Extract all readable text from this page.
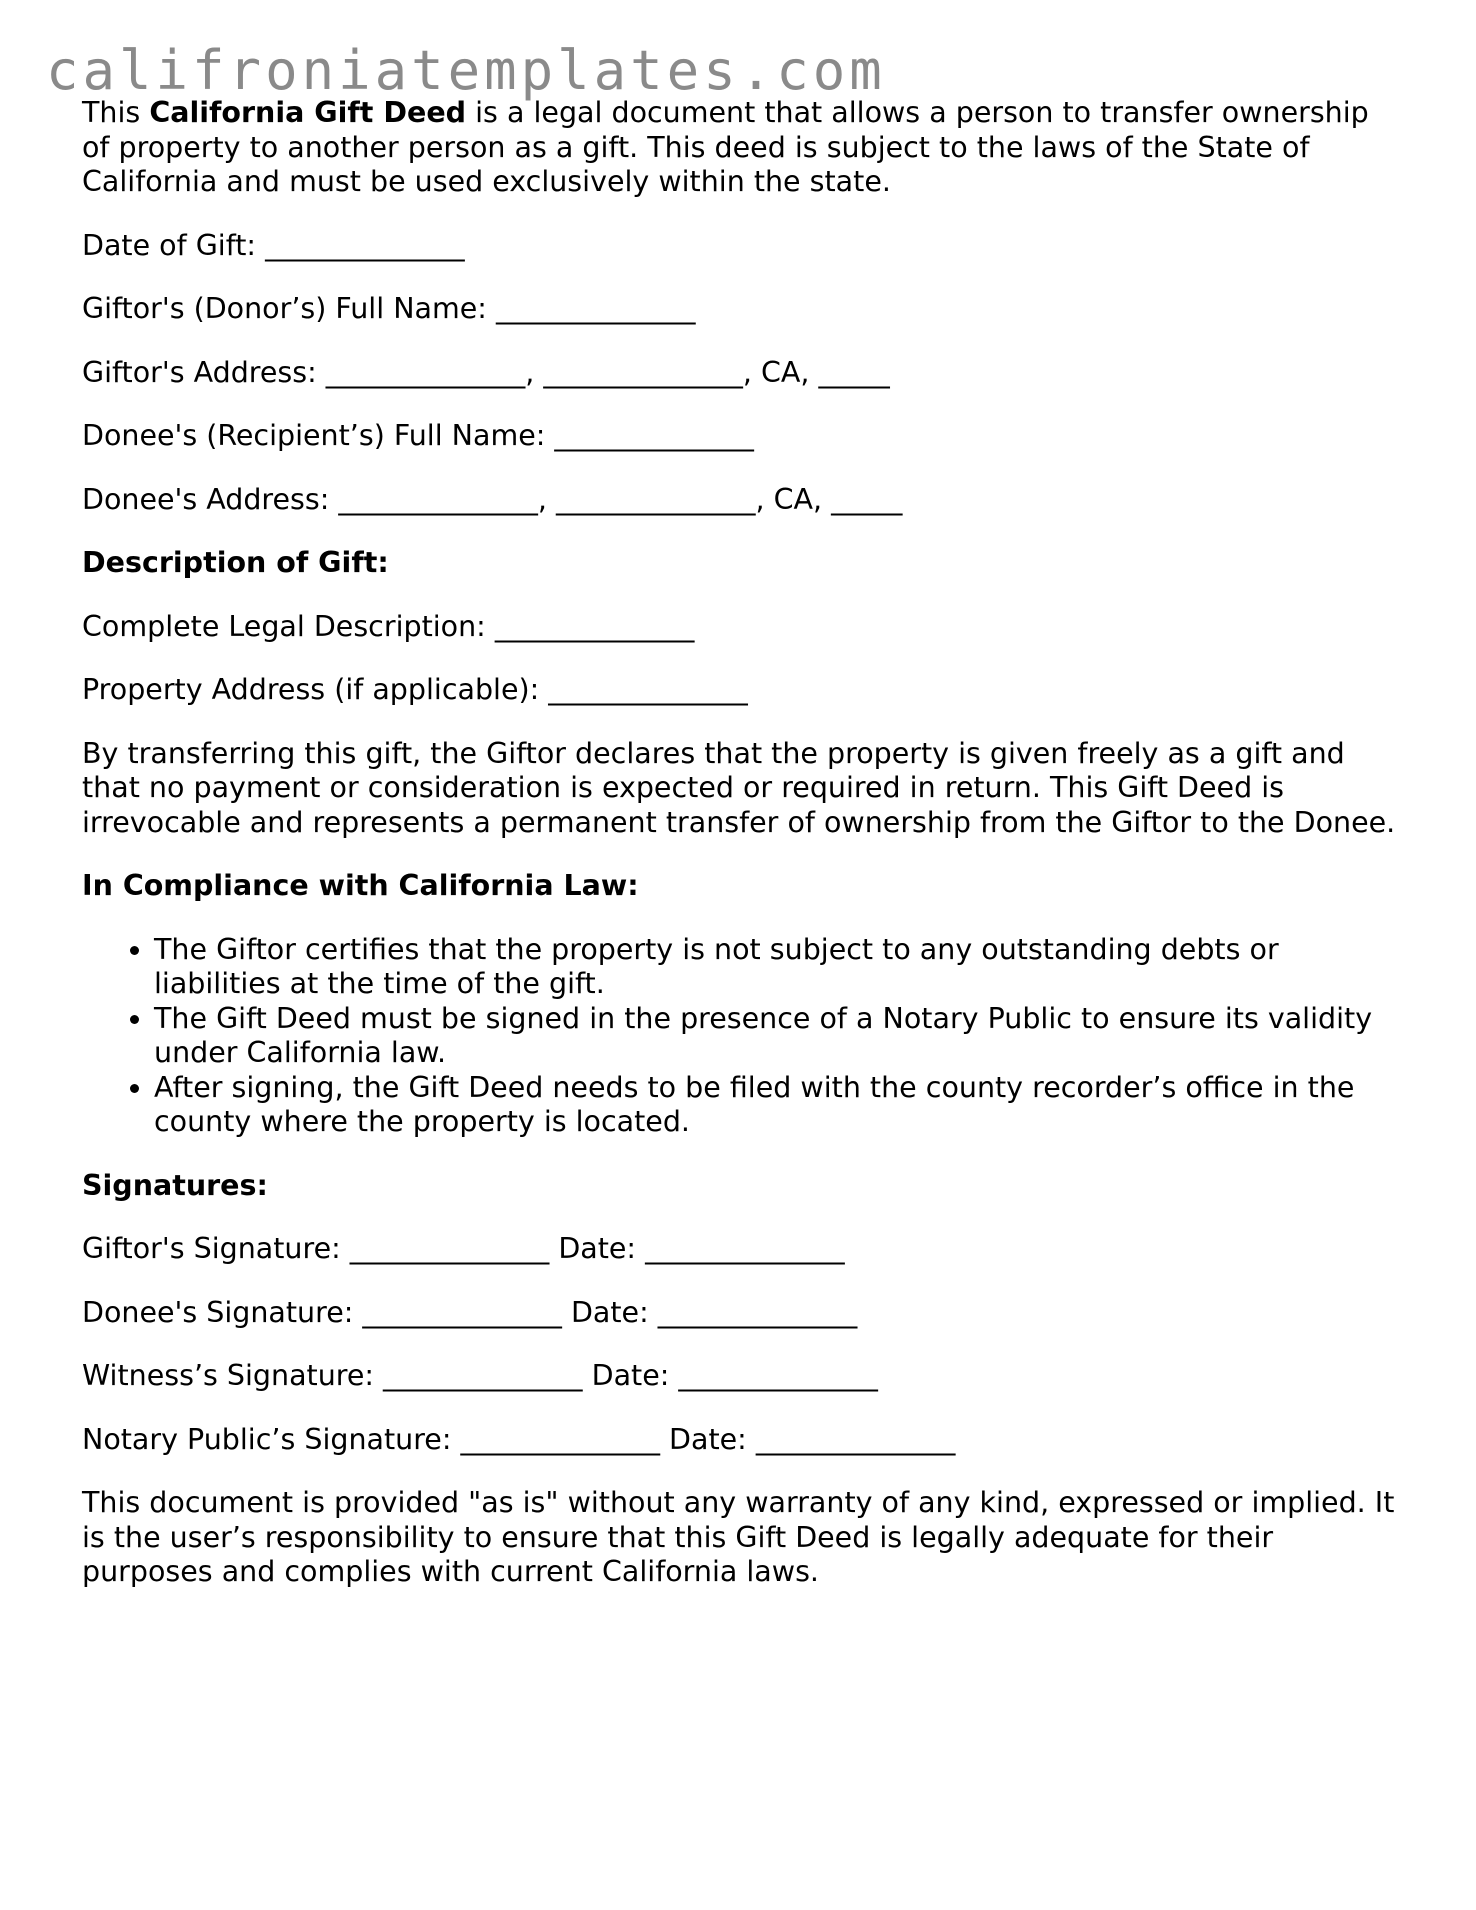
califroniatemplates.com

This California Gift Deed is a legal document that allows a person to transfer ownership of property to another person as a gift. This deed is subject to the laws of the State of California and must be used exclusively within the state.

Date of Gift: ______________

Giftor's (Donor’s) Full Name: ______________

Giftor's Address: ______________, ______________, CA, _____

Donee's (Recipient’s) Full Name: ______________

Donee's Address: ______________, ______________, CA, _____

Description of Gift:

Complete Legal Description: ______________

Property Address (if applicable): ______________

By transferring this gift, the Giftor declares that the property is given freely as a gift and that no payment or consideration is expected or required in return. This Gift Deed is irrevocable and represents a permanent transfer of ownership from the Giftor to the Donee.

In Compliance with California Law:

• The Giftor certifies that the property is not subject to any outstanding debts or liabilities at the time of the gift.
• The Gift Deed must be signed in the presence of a Notary Public to ensure its validity under California law.
• After signing, the Gift Deed needs to be filed with the county recorder’s office in the county where the property is located.

Signatures:

Giftor's Signature: ______________ Date: ______________

Donee's Signature: ______________ Date: ______________

Witness’s Signature: ______________ Date: ______________

Notary Public’s Signature: ______________ Date: ______________

This document is provided "as is" without any warranty of any kind, expressed or implied. It is the user’s responsibility to ensure that this Gift Deed is legally adequate for their purposes and complies with current California laws.
